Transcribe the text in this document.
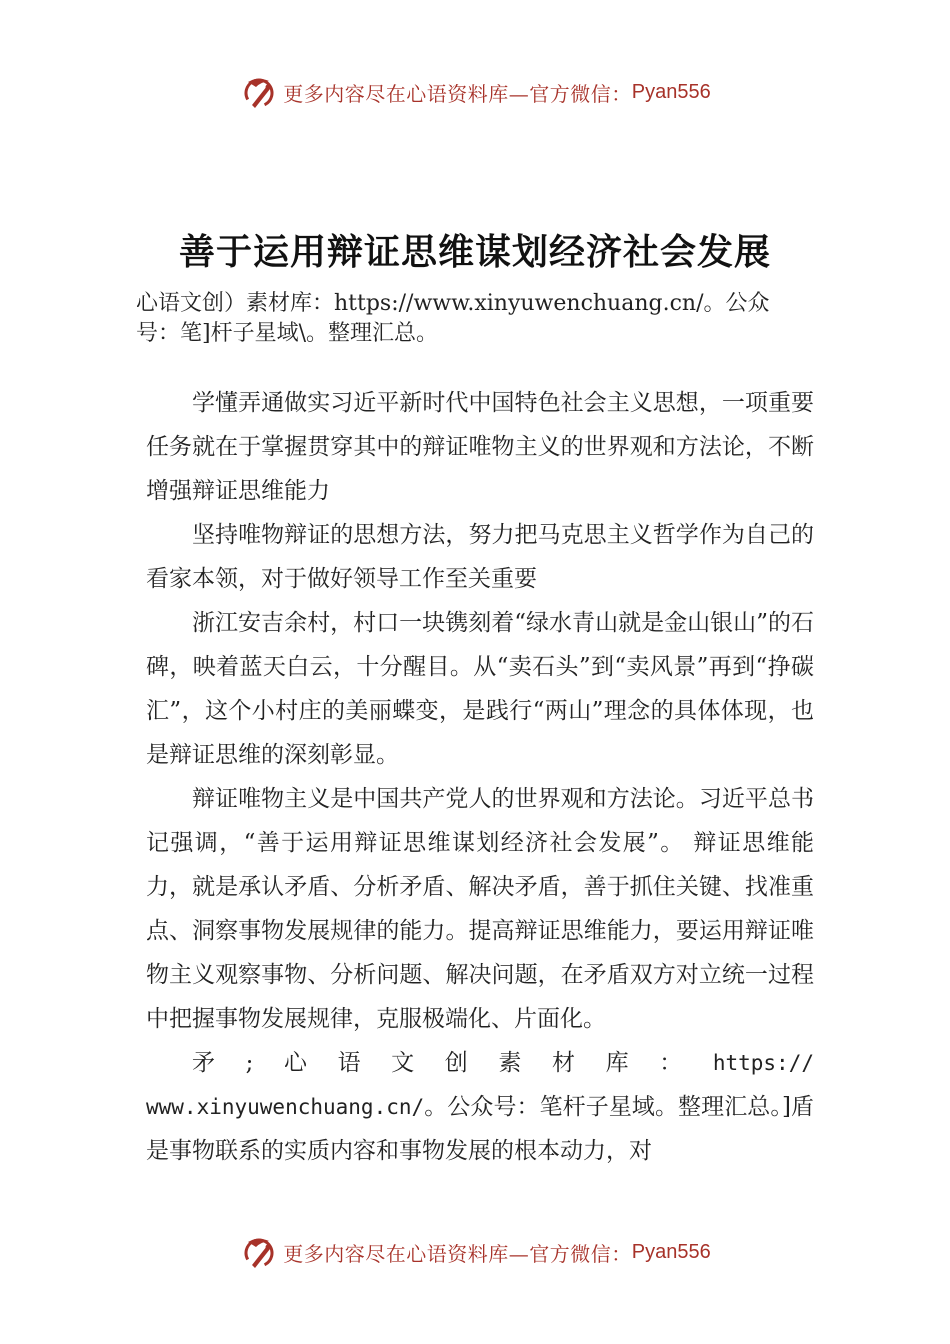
更多内容尽在心语资料库—官方微信： Pyan556
善于运用辩证思维谋划经济社会发展
心语文创）素材库：https://www.xinyuwenchuang.cn/。公众
号：笔]杆子星域\。整理汇总。

学懂弄通做实习近平新时代中国特色社会主义思想，一项重要任务就在于掌握贯穿其中的辩证唯物主义的世界观和方法论，不断增强辩证思维能力

坚持唯物辩证的思想方法，努力把马克思主义哲学作为自己的看家本领，对于做好领导工作至关重要

浙江安吉余村，村口一块镌刻着“绿水青山就是金山银山”的石碑，映着蓝天白云，十分醒目。从“卖石头”到“卖风景”再到“挣碳汇”，这个小村庄的美丽蝶变，是践行“两山”理念的具体体现，也是辩证思维的深刻彰显。

辩证唯物主义是中国共产党人的世界观和方法论。习近平总书记强调，“善于运用辩证思维谋划经济社会发展”。 辩证思维能力，就是承认矛盾、分析矛盾、解决矛盾，善于抓住关键、找准重点、洞察事物发展规律的能力。提高辩证思维能力，要运用辩证唯物主义观察事物、分析问题、解决问题，在矛盾双方对立统一过程中把握事物发展规律，克服极端化、片面化。

矛;心语文创素材库：https:// www.xinyuwenchuang.cn/。公众号：笔杆子星域。整理汇总。]盾是事物联系的实质内容和事物发展的根本动力，对

更多内容尽在心语资料库—官方微信： Pyan556
